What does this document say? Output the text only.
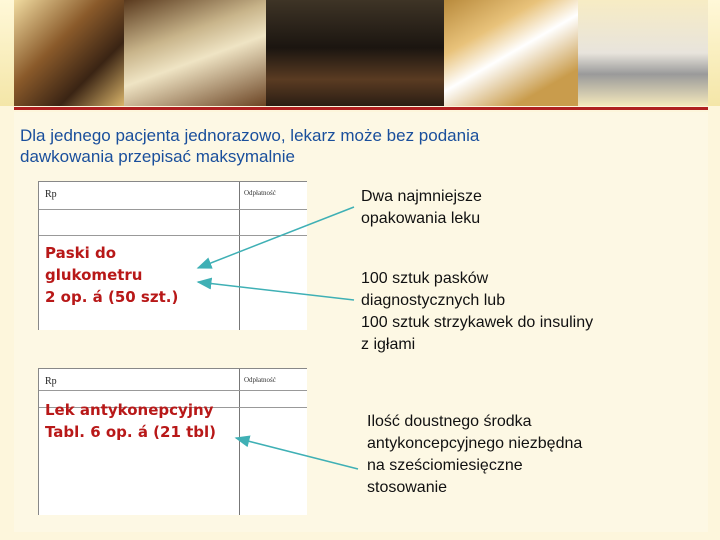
Dla jednego pacjenta jednorazowo, lekarz może bez podania
dawkowania przepisać maksymalnie
Rp	Odpłatność
Paski do
glukometru
2 op. á (50 szt.)
Rp	Odpłatność
Lek antykonepcyjny
Tabl. 6 op. á (21 tbl)
Dwa najmniejsze
opakowania leku
100 sztuk pasków
diagnostycznych lub
100 sztuk strzykawek do insuliny
z igłami
Ilość doustnego środka
antykoncepcyjnego niezbędna
na sześciomiesięczne
stosowanie
